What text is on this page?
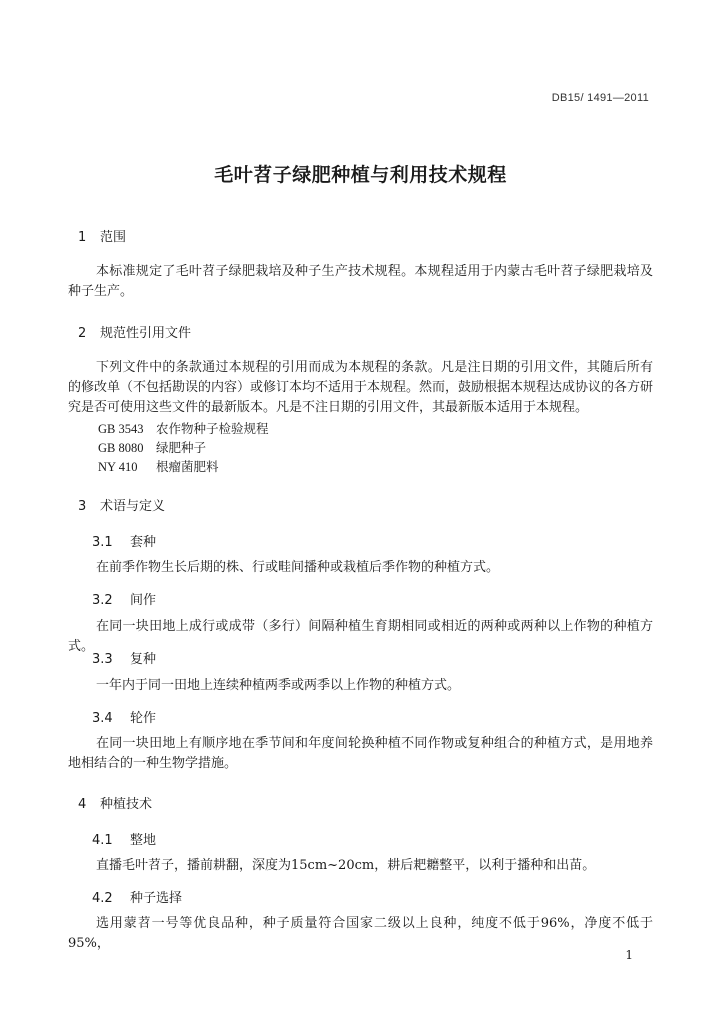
DB15/ 1491—2011
毛叶苕子绿肥种植与利用技术规程
1 范围
本标准规定了毛叶苕子绿肥栽培及种子生产技术规程。本规程适用于内蒙古毛叶苕子绿肥栽培及种子生产。
2 规范性引用文件
下列文件中的条款通过本规程的引用而成为本规程的条款。凡是注日期的引用文件，其随后所有的修改单（不包括勘误的内容）或修订本均不适用于本规程。然而，鼓励根据本规程达成协议的各方研究是否可使用这些文件的最新版本。凡是不注日期的引用文件，其最新版本适用于本规程。
GB 3543 农作物种子检验规程
GB 8080 绿肥种子
NY 410 根瘤菌肥料
3 术语与定义
3.1 套种
在前季作物生长后期的株、行或畦间播种或栽植后季作物的种植方式。
3.2 间作
在同一块田地上成行或成带（多行）间隔种植生育期相同或相近的两种或两种以上作物的种植方式。
3.3 复种
一年内于同一田地上连续种植两季或两季以上作物的种植方式。
3.4 轮作
在同一块田地上有顺序地在季节间和年度间轮换种植不同作物或复种组合的种植方式，是用地养地相结合的一种生物学措施。
4 种植技术
4.1 整地
直播毛叶苕子，播前耕翻，深度为15cm~20cm，耕后耙耱整平，以利于播种和出苗。
4.2 种子选择
选用蒙苕一号等优良品种，种子质量符合国家二级以上良种，纯度不低于96%，净度不低于95%，
1
